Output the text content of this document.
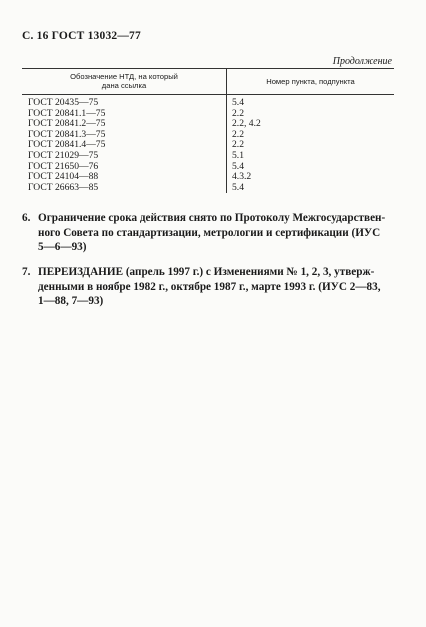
С. 16 ГОСТ 13032—77
Продолжение
Обозначение НТД, на который
дана ссылка	Номер пункта, подпункта
ГОСТ 20435—75	5.4
ГОСТ 20841.1—75	2.2
ГОСТ 20841.2—75	2.2, 4.2
ГОСТ 20841.3—75	2.2
ГОСТ 20841.4—75	2.2
ГОСТ 21029—75	5.1
ГОСТ 21650—76	5.4
ГОСТ 24104—88	4.3.2
ГОСТ 26663—85	5.4
6. Ограничение срока действия снято по Протоколу Межгосударствен-
ного Совета по стандартизации, метрологии и сертификации (ИУС
5—6—93)
7. ПЕРЕИЗДАНИЕ (апрель 1997 г.) с Изменениями № 1, 2, 3, утверж-
денными в ноябре 1982 г., октябре 1987 г., марте 1993 г. (ИУС 2—83,
1—88, 7—93)
